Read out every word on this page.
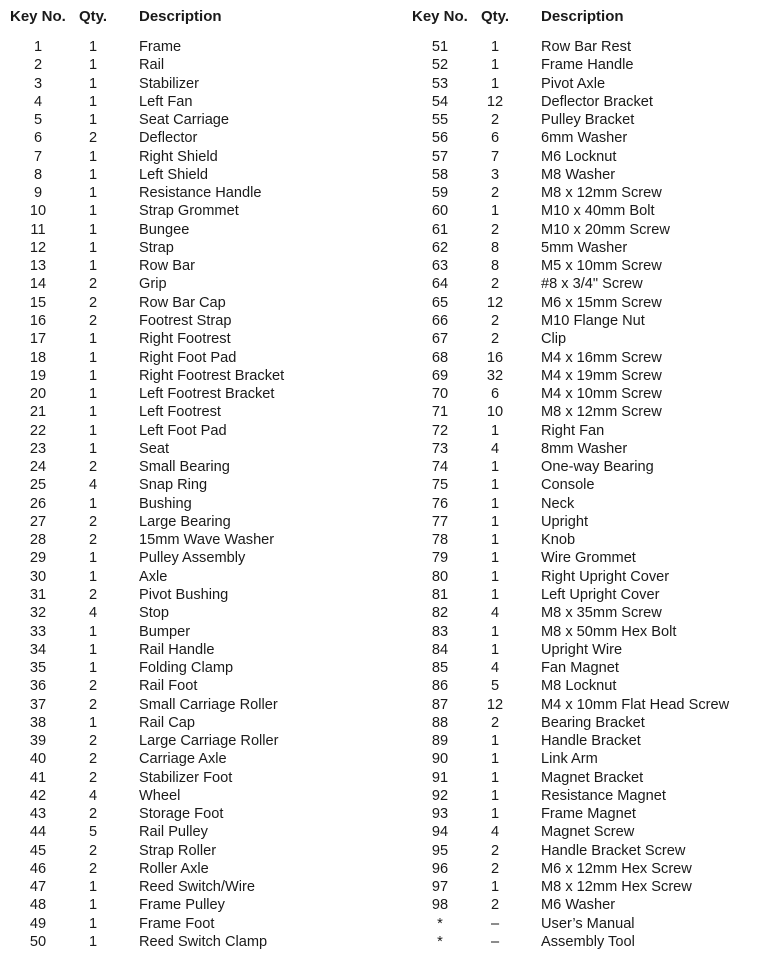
Key No. Qty. Description
1	1	Frame
2	1	Rail
3	1	Stabilizer
4	1	Left Fan
5	1	Seat Carriage
6	2	Deflector
7	1	Right Shield
8	1	Left Shield
9	1	Resistance Handle
10	1	Strap Grommet
11	1	Bungee
12	1	Strap
13	1	Row Bar
14	2	Grip
15	2	Row Bar Cap
16	2	Footrest Strap
17	1	Right Footrest
18	1	Right Foot Pad
19	1	Right Footrest Bracket
20	1	Left Footrest Bracket
21	1	Left Footrest
22	1	Left Foot Pad
23	1	Seat
24	2	Small Bearing
25	4	Snap Ring
26	1	Bushing
27	2	Large Bearing
28	2	15mm Wave Washer
29	1	Pulley Assembly
30	1	Axle
31	2	Pivot Bushing
32	4	Stop
33	1	Bumper
34	1	Rail Handle
35	1	Folding Clamp
36	2	Rail Foot
37	2	Small Carriage Roller
38	1	Rail Cap
39	2	Large Carriage Roller
40	2	Carriage Axle
41	2	Stabilizer Foot
42	4	Wheel
43	2	Storage Foot
44	5	Rail Pulley
45	2	Strap Roller
46	2	Roller Axle
47	1	Reed Switch/Wire
48	1	Frame Pulley
49	1	Frame Foot
50	1	Reed Switch Clamp
Key No. Qty. Description
51	1	Row Bar Rest
52	1	Frame Handle
53	1	Pivot Axle
54	12	Deflector Bracket
55	2	Pulley Bracket
56	6	6mm Washer
57	7	M6 Locknut
58	3	M8 Washer
59	2	M8 x 12mm Screw
60	1	M10 x 40mm Bolt
61	2	M10 x 20mm Screw
62	8	5mm Washer
63	8	M5 x 10mm Screw
64	2	#8 x 3/4" Screw
65	12	M6 x 15mm Screw
66	2	M10 Flange Nut
67	2	Clip
68	16	M4 x 16mm Screw
69	32	M4 x 19mm Screw
70	6	M4 x 10mm Screw
71	10	M8 x 12mm Screw
72	1	Right Fan
73	4	8mm Washer
74	1	One-way Bearing
75	1	Console
76	1	Neck
77	1	Upright
78	1	Knob
79	1	Wire Grommet
80	1	Right Upright Cover
81	1	Left Upright Cover
82	4	M8 x 35mm Screw
83	1	M8 x 50mm Hex Bolt
84	1	Upright Wire
85	4	Fan Magnet
86	5	M8 Locknut
87	12	M4 x 10mm Flat Head Screw
88	2	Bearing Bracket
89	1	Handle Bracket
90	1	Link Arm
91	1	Magnet Bracket
92	1	Resistance Magnet
93	1	Frame Magnet
94	4	Magnet Screw
95	2	Handle Bracket Screw
96	2	M6 x 12mm Hex Screw
97	1	M8 x 12mm Hex Screw
98	2	M6 Washer
*	–	User’s Manual
*	–	Assembly Tool
